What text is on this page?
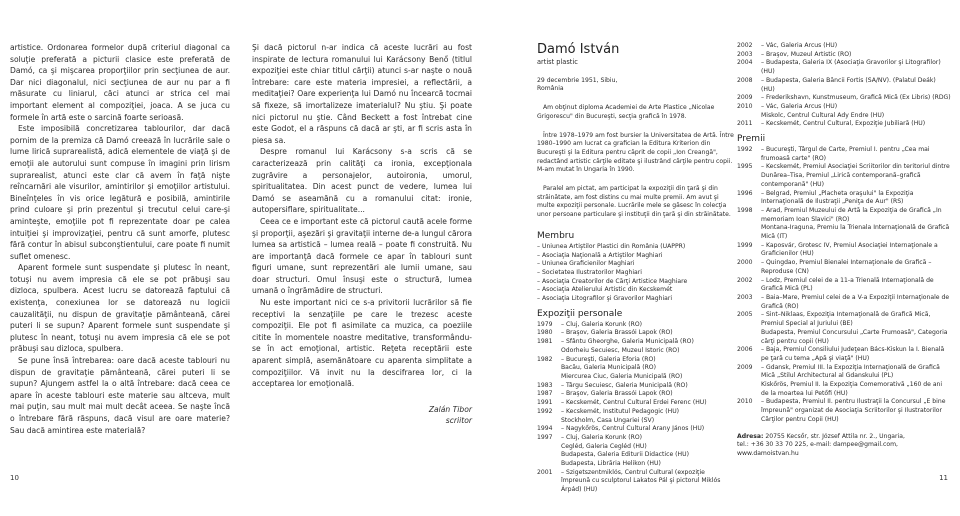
artistice. Ordonarea formelor după criteriul diagonal ca soluţie preferată a picturii clasice este preferată de Damó, ca şi mişcarea proporţiilor prin secţiunea de aur. Dar nici diagonalul, nici secţiunea de aur nu par a fi măsurate cu liniarul, căci atunci ar strica cel mai important element al compoziţiei, joaca. A se juca cu formele în artă este o sarcină foarte serioasă.

Este imposibilă concretizarea tablourilor, dar dacă pornim de la premiza că Damó creează în lucrările sale o lume lirică suprarealistă, adică elementele de viaţă şi de emoţii ale autorului sunt compuse în imagini prin lirism suprarealist, atunci este clar că avem în faţă nişte reîncarnări ale visurilor, amintirilor şi emoţiilor artistului. Bineînţeles în vis orice legătură e posibilă, amintirile prind culoare şi prin prezentul şi trecutul celui care-şi aminteşte, emoţiile pot fi reprezentate doar pe calea intuiţiei şi improvizaţiei, pentru că sunt amorfe, plutesc fără contur în abisul subconştientului, care poate fi numit suflet omenesc.

Aparent formele sunt suspendate şi plutesc în neant, totuşi nu avem impresia că ele se pot prăbuşi sau dizloca, spulbera. Acest lucru se datorează faptului că existenţa, conexiunea lor se datorează nu logicii cauzalităţii, nu dispun de gravitaţie pământeană, cărei puteri li se supun? Aparent formele sunt suspendate şi plutesc în neant, totuşi nu avem impresia că ele se pot prăbuşi sau dizloca, spulbera.

Se pune însă întrebarea: oare dacă aceste tablouri nu dispun de gravitaţie pământeană, cărei puteri li se supun? Ajungem astfel la o altă întrebare: dacă ceea ce apare în aceste tablouri este materie sau altceva, mult mai puţin, sau mult mai mult decât aceea. Se naşte încă o întrebare fără răspuns, dacă visul are oare materie? Sau dacă amintirea este materială?

Şi dacă pictorul n-ar indica că aceste lucrări au fost inspirate de lectura romanului lui Karácsony Benő (titlul expoziţiei este chiar titlul cărţii) atunci s-ar naşte o nouă întrebare: care este materia impresiei, a reflectării, a meditaţiei? Oare experienţa lui Damó nu încearcă tocmai să fixeze, să imortalizeze imaterialul? Nu ştiu. Şi poate nici pictorul nu ştie. Când Beckett a fost întrebat cine este Godot, el a răspuns că dacă ar şti, ar fi scris asta în piesa sa.

Despre romanul lui Karácsony s-a scris că se caracterizează prin calităţi ca ironia, excepţionala zugrăvire a personajelor, autoironia, umorul, spiritualitatea. Din acest punct de vedere, lumea lui Damó se aseamănă cu a romanului citat: ironie, autopersiflare, spiritualitate...

Ceea ce e important este că pictorul caută acele forme şi proporţii, aşezări şi gravitaţii interne de-a lungul cărora lumea sa artistică – lumea reală – poate fi construită. Nu are importanţă dacă formele ce apar în tablouri sunt figuri umane, sunt reprezentări ale lumii umane, sau doar structuri. Omul însuşi este o structură, lumea umană o îngrămădire de structuri.

Nu este important nici ce s-a privitorii lucrărilor să fie receptivi la senzaţiile pe care le trezesc aceste compoziţii. Ele pot fi asimilate ca muzica, ca poeziile citite în momentele noastre meditative, transformându-se în act emoţional, artistic. Reţeta receptării este aparent simplă, asemănătoare cu aparenta simplitate a compoziţiilor. Vă invit nu la descifrarea lor, ci la acceptarea lor emoţională.

Zalán Tibor
scriitor
10	11
Damó István
artist plastic
29 decembrie 1951, Sibiu,
România

Am obţinut diploma Academiei de Arte Plastice „Nicolae Grigorescu" din Bucureşti, secţia grafică în 1978.

Între 1978–1979 am fost bursier la Universitatea de Artă. Între 1980–1990 am lucrat ca grafician la Editura Kriterion din Bucureşti şi la Editura pentru căprit de copii „Ion Creangă", redactând artistic cărţile editate şi ilustrând cărţile pentru copii. M-am mutat în Ungaria în 1990.

Paralel am pictat, am participat la expoziţii din ţară şi din străinătate, am fost distins cu mai multe premii. Am avut şi multe expoziţii personale. Lucrările mele se găsesc în colecţia unor persoane particulare şi instituţii din ţară şi din străinătate.

Membru
– Uniunea Artiştilor Plastici din România (UAPPR)
– Asociaţia Naţională a Artiştilor Maghiari
– Uniunea Graficienilor Maghiari
– Societatea Ilustratorilor Maghiari
– Asociaţia Creatorilor de Cărţi Artistice Maghiare
– Asociaţia Atelierului Artistic din Kecskemét
– Asociaţia Litografilor şi Gravorilor Maghiari
Expoziţii personale
1979	– Cluj, Galeria Korunk (RO)
1980	– Braşov, Galeria Brassói Lapok (RO)
1981	– Sfântu Gheorghe, Galeria Municipală (RO)
Odorheiu Secuiesc, Muzeul Istoric (RO)
1982	– Bucureşti, Galeria Eforia (RO)
Bacău, Galeria Municipală (RO)
Miercurea Ciuc, Galeria Municipală (RO)
1983	– Târgu Secuiesc, Galeria Municipală (RO)
1987	– Braşov, Galeria Brassói Lapok (RO)
1991	– Kecskemét, Centrul Cultural Erdei Ferenc (HU)
1992	– Kecskemét, Institutul Pedagogic (HU)
Stockholm, Casa Ungariei (SV)
1994	– Nagykőrös, Centrul Cultural Arany János (HU)
1997	– Cluj, Galeria Korunk (RO)
Cegléd, Galeria Cegléd (HU)
Budapesta, Galeria Editurii Didactice (HU)
Budapesta, Librăria Helikon (HU)
2001	– Szigetszentmiklós, Centrul Cultural (expoziţie împreună cu sculptorul Lakatos Pál şi pictorul Miklós Árpád) (HU)
2002	– Vác, Galeria Arcus (HU)
2003	– Braşov, Muzeul Artistic (RO)
2004	– Budapesta, Galeria IX (Asociaţia Gravorilor şi Litografilor) (HU)
2008	– Budapesta, Galeria Băncii Fortis (SA/NV). (Palatul Deák) (HU)
2009	– Frederikshavn, Kunstmuseum, Grafică Mică (Ex Libris) (RDG)
2010	– Vác, Galeria Arcus (HU)
Miskolc, Centrul Cultural Ady Endre (HU)
2011	– Kecskemét, Centrul Cultural, Expoziţie Jubiliară (HU)
Premii
1992	– Bucureşti, Târgul de Carte, Premiul I. pentru „Cea mai frumoasă carte" (RO)
1995	– Kecskemét, Premiul Asociaţiei Scriitorilor din teritoriul dintre Dunărea–Tisa, Premiul „Lirică contemporană–grafică contemporană" (HU)
1996	– Belgrad, Premiul „Placheta oraşului" la Expoziţia Internaţională de Ilustraţii „Peniţa de Aur" (RS)
1998	– Arad, Premiul Muzeului de Artă la Expoziţia de Grafică „In memoriam Ioan Slavici" (RO)
Montana-Iraguna, Premiu la Trienala Internaţională de Grafică Mică (IT)
1999	– Kaposvár, Grotesc IV, Premiul Asociaţiei Internaţionale a Graficienilor (HU)
2000	– Quingdao, Premiul Bienalei Internaţionale de Grafică – Reproduse (CN)
2002	– Lodz, Premiul celei de a 11-a Trienală Internaţională de Grafică Mică (PL)
2003	– Baia–Mare, Premiul celei de a V-a Expoziţii Internaţionale de Grafică (RO)
2005	– Sint–Niklaas, Expoziţia Internaţională de Grafică Mică, Premiul Special al Juriului (BE)
Budapesta, Premiul Concursului „Carte Frumoasă", Categoria cărţi pentru copii (HU)
2006	– Baja, Premiul Consiliului Judeţean Bács-Kiskun la I. Bienală pe ţară cu tema „Apă şi viaţă" (HU)
2009	– Gdansk, Premiul III. la Expoziţia Internaţională de Grafică Mică „Stilul Architectural al Gdanskului (PL)
Kiskőrös, Premiul II. la Expoziţia Comemorativă „160 de ani de la moartea lui Petőfi (HU)
2010	– Budapesta, Premiul II. pentru Ilustraţii la Concursul „E bine împreună" organizat de Asociaţia Scriitorilor şi Ilustratorilor Cărţilor pentru Copii (HU)
Adresa: 20755 Kecsőr, str. József Attila nr. 2., Ungaria,
tel.: +36 30 33 70 225, e-mail: dampee@gmail.com,
www.damoistvan.hu
